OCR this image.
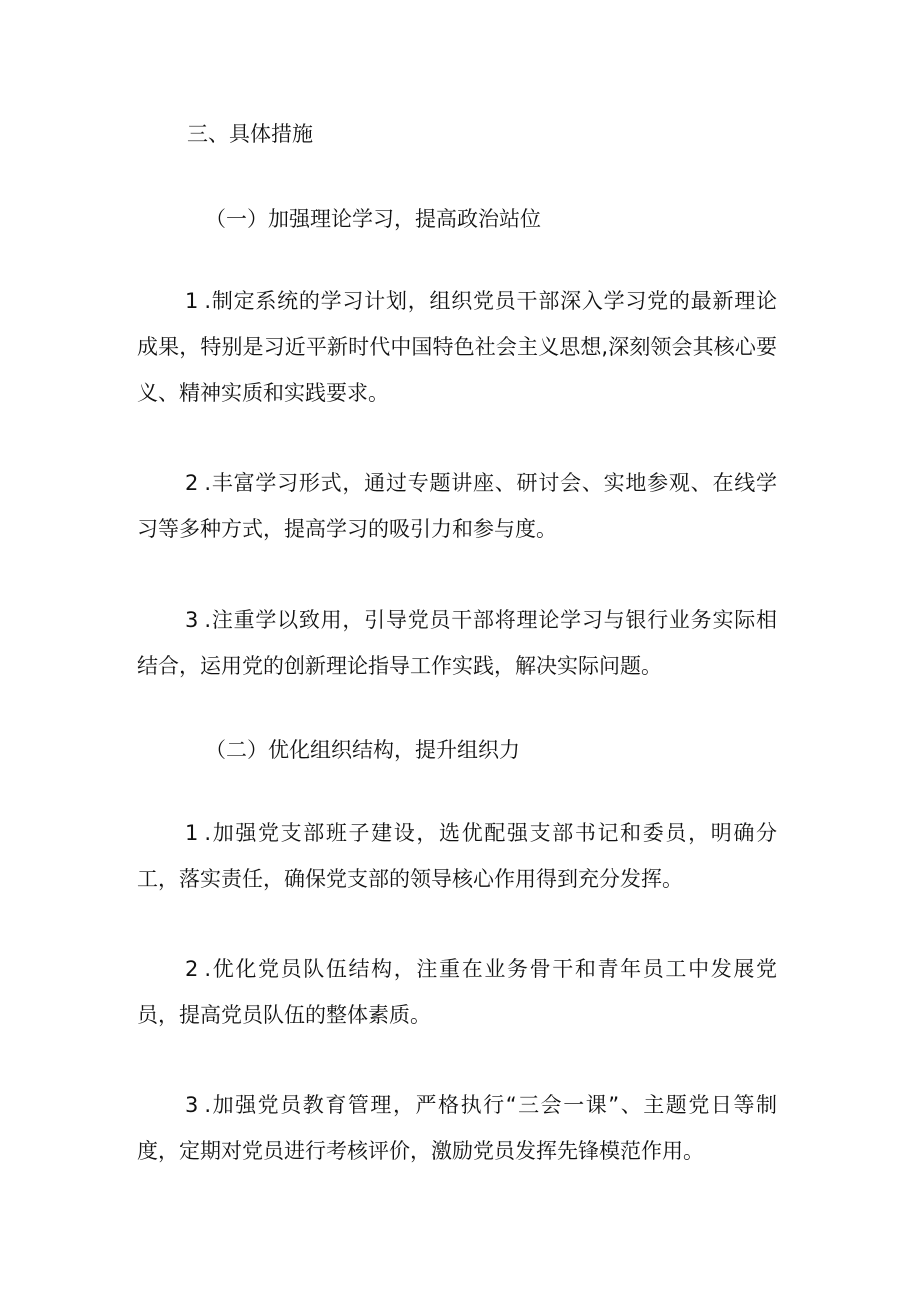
三、具体措施
（一）加强理论学习，提高政治站位

1.制定系统的学习计划，组织党员干部深入学习党的最新理论成果，特别是习近平新时代中国特色社会主义思想,深刻领会其核心要义、精神实质和实践要求。

2.丰富学习形式，通过专题讲座、研讨会、实地参观、在线学习等多种方式，提高学习的吸引力和参与度。

3.注重学以致用，引导党员干部将理论学习与银行业务实际相结合，运用党的创新理论指导工作实践，解决实际问题。

（二）优化组织结构，提升组织力

1.加强党支部班子建设，选优配强支部书记和委员，明确分工，落实责任，确保党支部的领导核心作用得到充分发挥。

2.优化党员队伍结构，注重在业务骨干和青年员工中发展党员，提高党员队伍的整体素质。

3.加强党员教育管理，严格执行“三会一课”、主题党日等制度，定期对党员进行考核评价，激励党员发挥先锋模范作用。
